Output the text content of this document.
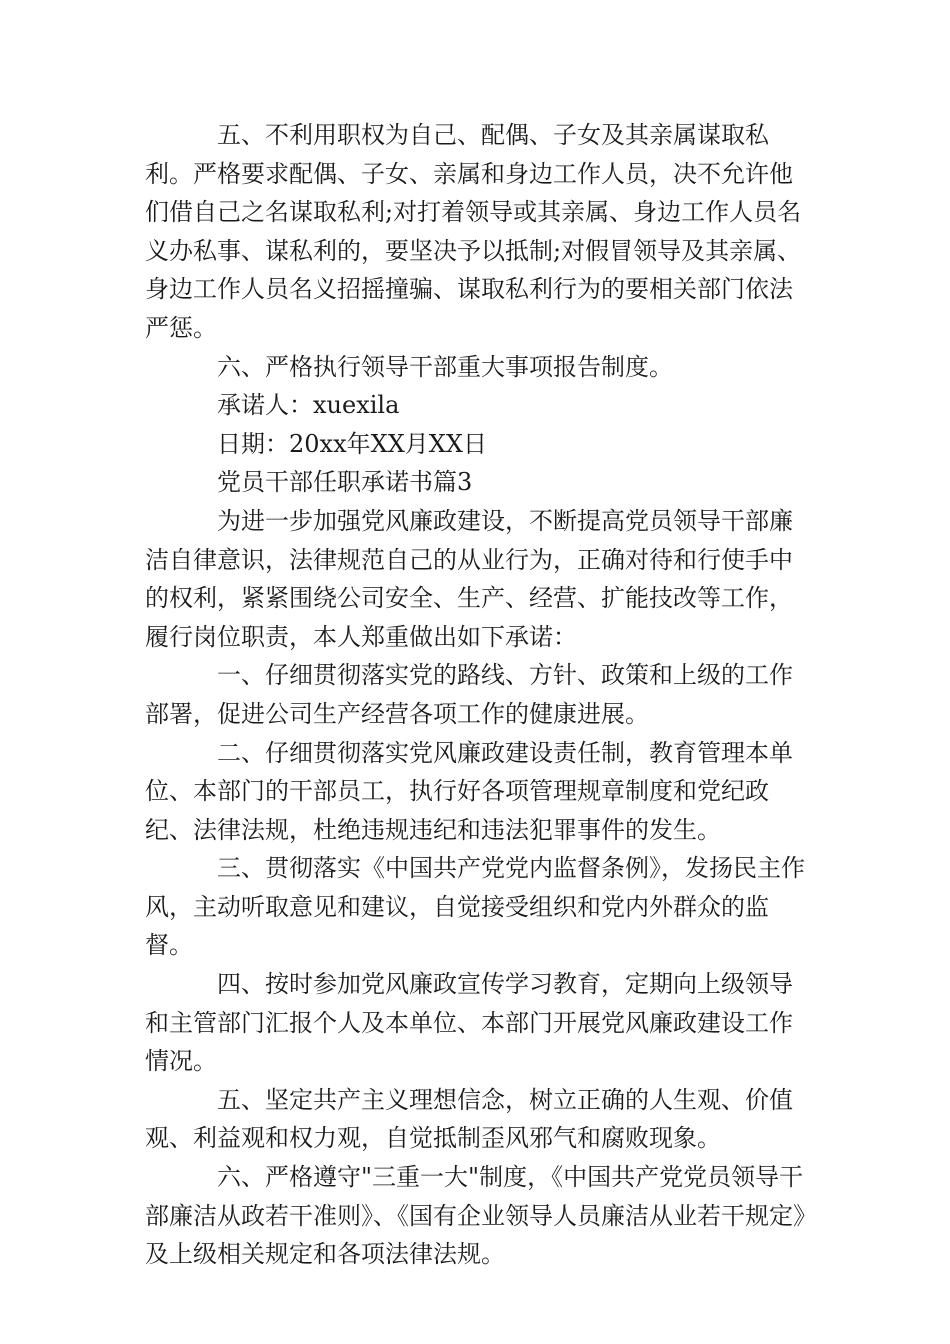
五、不利用职权为自己、配偶、子女及其亲属谋取私利。严格要求配偶、子女、亲属和身边工作人员，决不允许他们借自己之名谋取私利;对打着领导或其亲属、身边工作人员名义办私事、谋私利的，要坚决予以抵制;对假冒领导及其亲属、身边工作人员名义招摇撞骗、谋取私利行为的要相关部门依法严惩。

六、严格执行领导干部重大事项报告制度。

承诺人：xuexila

日期：20xx年XX月XX日

党员干部任职承诺书篇3

为进一步加强党风廉政建设，不断提高党员领导干部廉洁自律意识，法律规范自己的从业行为，正确对待和行使手中的权利，紧紧围绕公司安全、生产、经营、扩能技改等工作，履行岗位职责，本人郑重做出如下承诺：

一、仔细贯彻落实党的路线、方针、政策和上级的工作部署，促进公司生产经营各项工作的健康进展。

二、仔细贯彻落实党风廉政建设责任制，教育管理本单位、本部门的干部员工，执行好各项管理规章制度和党纪政纪、法律法规，杜绝违规违纪和违法犯罪事件的发生。

三、贯彻落实《中国共产党党内监督条例》，发扬民主作风，主动听取意见和建议，自觉接受组织和党内外群众的监督。

四、按时参加党风廉政宣传学习教育，定期向上级领导和主管部门汇报个人及本单位、本部门开展党风廉政建设工作情况。

五、坚定共产主义理想信念，树立正确的人生观、价值观、利益观和权力观，自觉抵制歪风邪气和腐败现象。

六、严格遵守"三重一大"制度，《中国共产党党员领导干部廉洁从政若干准则》、《国有企业领导人员廉洁从业若干规定》及上级相关规定和各项法律法规。
